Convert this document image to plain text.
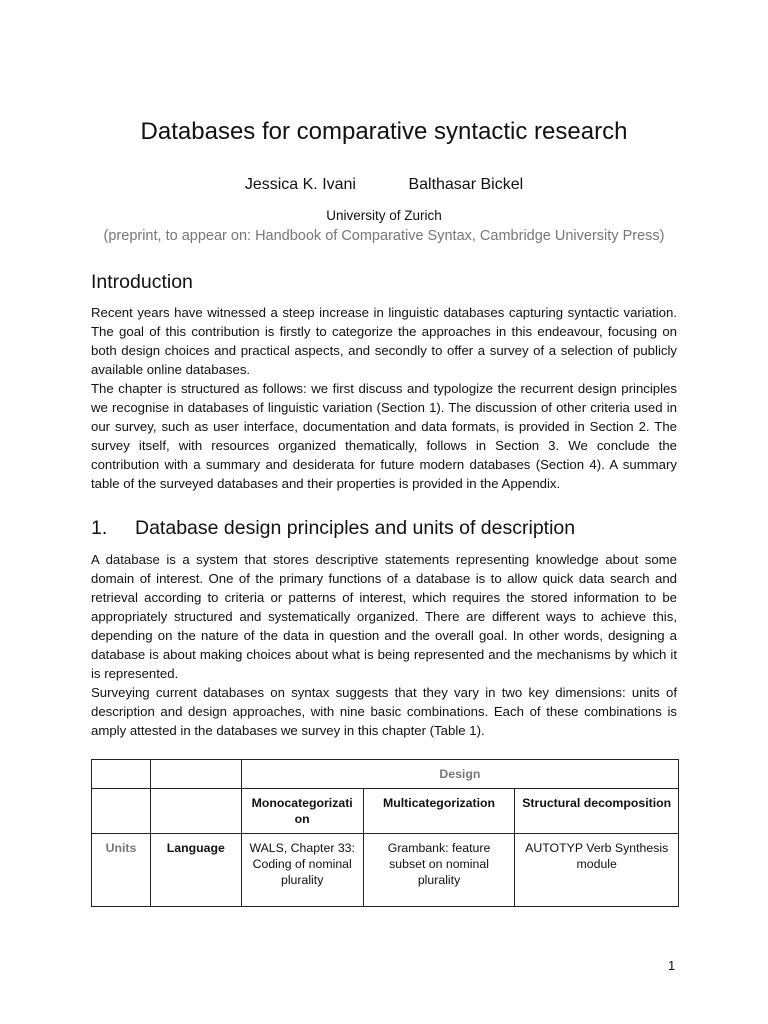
Databases for comparative syntactic research
Jessica K. Ivani	Balthasar Bickel
University of Zurich
(preprint, to appear on: Handbook of Comparative Syntax, Cambridge University Press)
Introduction

Recent years have witnessed a steep increase in linguistic databases capturing syntactic variation. The goal of this contribution is firstly to categorize the approaches in this endeavour, focusing on both design choices and practical aspects, and secondly to offer a survey of a selection of publicly available online databases.

The chapter is structured as follows: we first discuss and typologize the recurrent design principles we recognise in databases of linguistic variation (Section 1). The discussion of other criteria used in our survey, such as user interface, documentation and data formats, is provided in Section 2. The survey itself, with resources organized thematically, follows in Section 3. We conclude the contribution with a summary and desiderata for future modern databases (Section 4). A summary table of the surveyed databases and their properties is provided in the Appendix.

1. Database design principles and units of description

A database is a system that stores descriptive statements representing knowledge about some domain of interest. One of the primary functions of a database is to allow quick data search and retrieval according to criteria or patterns of interest, which requires the stored information to be appropriately structured and systematically organized. There are different ways to achieve this, depending on the nature of the data in question and the overall goal. In other words, designing a database is about making choices about what is being represented and the mechanisms by which it is represented.

Surveying current databases on syntax suggests that they vary in two key dimensions: units of description and design approaches, with nine basic combinations. Each of these combinations is amply attested in the databases we survey in this chapter (Table 1).

		Design		
		Monocategorizati on	Multicategorization	Structural decomposition
Units	Language	WALS, Chapter 33: Coding of nominal plurality	Grambank: feature subset on nominal plurality	AUTOTYP Verb Synthesis module
1
